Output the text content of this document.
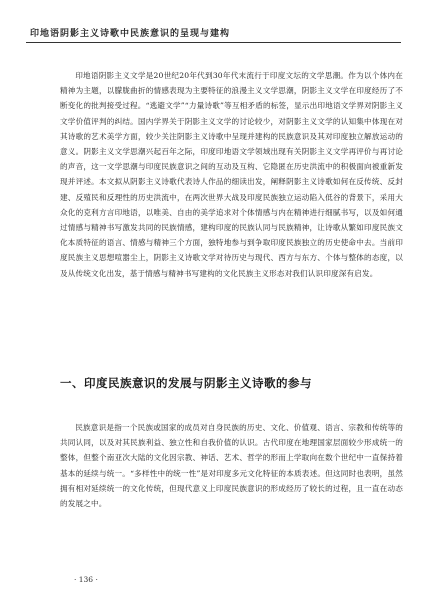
印地语阴影主义诗歌中民族意识的呈现与建构

印地语阴影主义文学是20世纪20年代到30年代末流行于印度文坛的文学思潮。作为以个体内在精神为主题，以朦胧曲折的情感表现为主要特征的浪漫主义文学思潮，阴影主义文学在印度经历了不断变化的批判接受过程。“逃避文学”“力量诗歌”等互相矛盾的标签，显示出印地语文学界对阴影主义文学价值评判的纠结。国内学界关于阴影主义文学的讨论较少，对阴影主义文学的认知集中体现在对其诗歌的艺术美学方面，较少关注阴影主义诗歌中呈现并建构的民族意识及其对印度独立解放运动的意义。阴影主义文学思潮兴起百年之际，印度印地语文学领域出现有关阴影主义文学再评价与再讨论的声音，这一文学思潮与印度民族意识之间的互动及互构、它隐匿在历史洪流中的积极面向被重新发现并评述。本文拟从阴影主义诗歌代表诗人作品的细读出发，阐释阴影主义诗歌如何在反传统、反封建、反殖民和反理性的历史洪流中，在两次世界大战及印度民族独立运动陷入低谷的背景下，采用大众化的克利方言印地语，以唯美、自由的美学追求对个体情感与内在精神进行细腻书写，以及如何通过情感与精神书写激发共同的民族情感，建构印度的民族认同与民族精神，让诗歌从繁如印度民族文化本质特征的语言、情感与精神三个方面，独特地参与到争取印度民族独立的历史使命中去。当前印度民族主义思想喧嚣尘上，阴影主义诗歌文学对待历史与现代、西方与东方、个体与整体的态度，以及从传统文化出发，基于情感与精神书写建构的文化民族主义形态对我们认识印度深有启发。

一、印度民族意识的发展与阴影主义诗歌的参与

民族意识是指一个民族或国家的成员对自身民族的历史、文化、价值观、语言、宗教和传统等的共同认同，以及对其民族利益、独立性和自我价值的认识。古代印度在地理国家层面较少形成统一的整体，但整个南亚次大陆的文化因宗教、神话、艺术、哲学的形而上学取向在数个世纪中一直保持着基本的延续与统一。“多样性中的统一性”是对印度多元文化特征的本质表述。但这同时也表明，虽然拥有相对延续统一的文化传统，但现代意义上印度民族意识的形成经历了较长的过程，且一直在动态的发展之中。

· 136 ·
